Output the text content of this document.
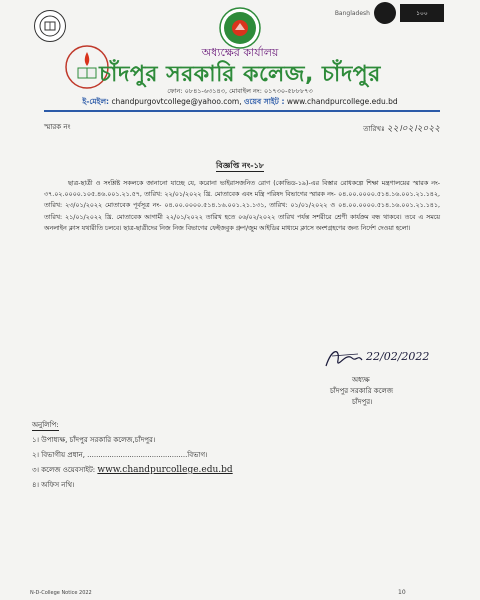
Bangladesh	১০০
অধ্যক্ষের কার্যালয়
চাঁদপুর সরকারি কলেজ, চাঁদপুর
ফোন: ০৮৪১-৬৩১৪৩, মোবাইল নং: ০১৭৩০-৫৮৮৮৭৩
ই-মেইল: chandpurgovtcollege@yahoo.com, ওয়েব সাইট : www.chandpurcollege.edu.bd
স্মারক নং	তারিখঃ ২২।০২।২০২২
বিজ্ঞপ্তি নং-১৮
ছাত্র-ছাত্রী ও সংশ্লিষ্ট সকলকে জানানো যাচ্ছে যে, করোনা ভাইরাসজনিত রোগ (কোভিড-১৯)-এর বিস্তার রোধকল্পে শিক্ষা মন্ত্রণালয়ের স্মারক নং- ৩৭.০২.০০০০.১০৫.৪৬.০০১.২১.৫৭, তারিখ: ২২/০১/২০২২ খ্রি. মোতাবেক এবং মন্ত্রি পরিষদ বিভাগের স্মারক নং- ০৪.০০.০০০০.৫১৪.১৬.০০১.২১.১৪২, তারিখ: ২৩/০১/২০২২ মোতাবেক পূর্বসূত্র নং- ০৪.০০.০০০০.৫১৪.১৬.০০১.২১.১৩১, তারিখ: ০১/০১/২০২২ ও ০৪.০০.০০০০.৫১৪.১৬.০০১.২১.১৪১, তারিখ: ২১/০১/২০২২ খ্রি. মোতাবেক আগামী ২২/০১/২০২২ তারিখ হতে ০৬/০২/২০২২ তারিখ পর্যন্ত সশরীরে শ্রেণী কার্যক্রম বন্ধ থাকবে। তবে এ সময়ে অনলাইন ক্লাস যথারীতি চলবে। ছাত্র-ছাত্রীদের নিজ নিজ বিভাগের ফেইজবুক গ্রুপ/জুম আইডির মাধ্যমে ক্লাসে অংশগ্রহণের জন্য নির্দেশ দেওয়া হলো।
22/02/2022
অধ্যক্ষ
চাঁদপুর সরকারি কলেজ
চাঁদপুর।
অনুলিপি:
১। উপাধ্যক্ষ, চাঁদপুর সরকারি কলেজ,চাঁদপুর।
২। বিভাগীয় প্রধান, .............................................বিভাগ।
৩। কলেজ ওয়েবসাইট: www.chandpurcollege.edu.bd
৪। অফিস নথি।
N-D-College Notice 2022	10
